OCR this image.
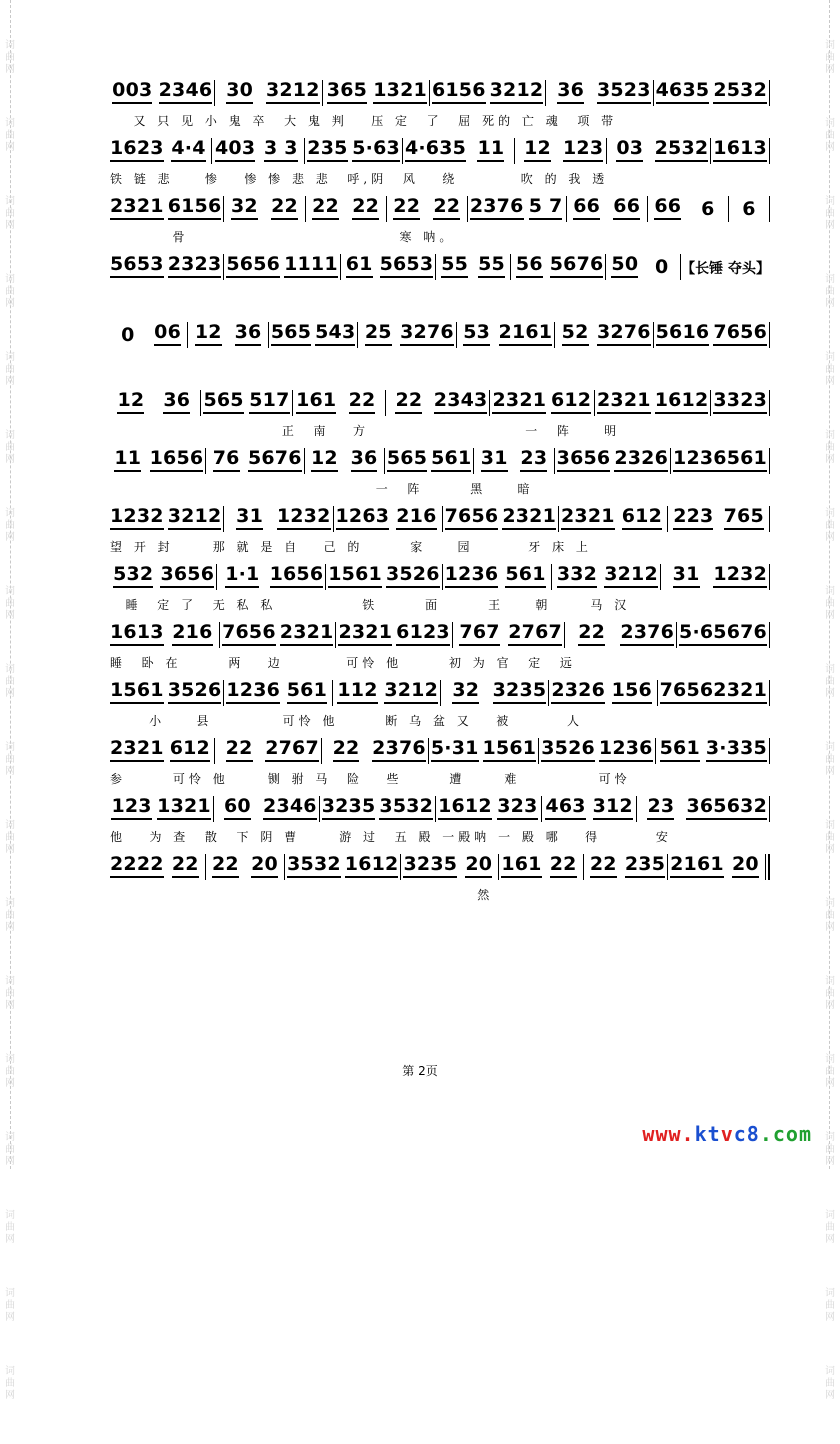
词曲网
词曲网
词曲网
词曲网
词曲网
词曲网
词曲网
词曲网
词曲网
词曲网
词曲网
词曲网
词曲网
词曲网
词曲网
词曲网
词曲网
词曲网
词曲网
词曲网
词曲网
词曲网
词曲网
词曲网
词曲网
词曲网
词曲网
词曲网
词曲网
词曲网
词曲网
词曲网
词曲网
词曲网
词曲网
词曲网
003 2346 30 3212 365 1321 6156 3212 36 3523 4635 2532
又 只 见 小 鬼 卒  大 鬼 判   压 定  了  屈 死的 亡 魂  项 带
1623 4·4 403 3 3 235 5·63 4·635 11 12 123 03 2532 1613
铁 链 悲    惨   惨 惨 悲 悲  呼,阴  风   绕        吹 的 我 透
2321 6156 32 22 22 22 22 22 2376 5 7 66 66 66 6 6
骨                           寒 呐。
5653 2323 5656 1111 61 5653 55 55 56 5676 50 0 【长锤 夺头】
0 06 12 36 565 543 25 3276 53 2161 52 3276 5616 7656
12 36 565 517 161 22 22 2343 2321 612 2321 1612 3323
正  南   方                    一  阵    明
11 1656 76 5676 12 36 565 561 31 23 3656 2326 1236561
一  阵      黑    暗
1232 3212 31 1232 1263 216 7656 2321 2321 612 223 765
望 开 封     那 就 是 自   己 的      家    园       牙 床 上
532 3656 1·1 1656 1561 3526 1236 561 332 3212 31 1232
睡  定 了  无 私 私           铁      面      王    朝     马 汉
1613 216 7656 2321 2321 6123 767 2767 22 2376 5·65676
睡  卧 在      两   边        可怜 他      初 为 官  定  远
1561 3526 1236 561 112 3212 32 3235 2326 156 76562321
小    县         可怜 他      断 乌 盆 又   被       人
2321 612 22 2767 22 2376 5·31 1561 3526 1236 561 3·335
参      可怜 他     铡 驸 马  险   些      遭     难          可怜
123 1321 60 2346 3235 3532 1612 323 463 312 23 365632
他   为 查  散  下 阴 曹     游 过  五 殿 一殿呐 一 殿 哪   得       安
2222 22 22 20 3532 1612 3235 20 161 22 22 235 2161 20
然
第 2页
www.ktvc8.com
